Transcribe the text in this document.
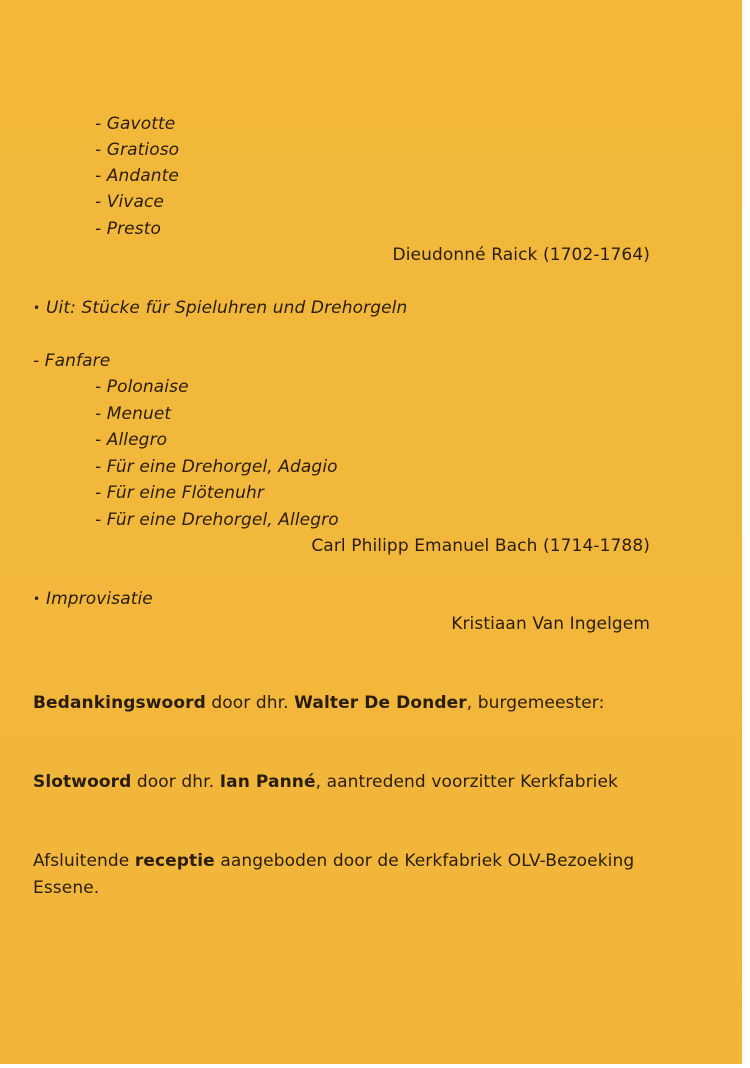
- Gavotte
- Gratioso
- Andante
- Vivace
- Presto
Dieudonné Raick (1702-1764)
• Uit: Stücke für Spieluhren und Drehorgeln
- Fanfare
- Polonaise
- Menuet
- Allegro
- Für eine Drehorgel, Adagio
- Für eine Flötenuhr
- Für eine Drehorgel, Allegro
Carl Philipp Emanuel Bach (1714-1788)
• Improvisatie
Kristiaan Van Ingelgem
Bedankingswoord door dhr. Walter De Donder, burgemeester:
Slotwoord door dhr. Ian Panné, aantredend voorzitter Kerkfabriek
Afsluitende receptie aangeboden door de Kerkfabriek OLV-Bezoeking
Essene.
